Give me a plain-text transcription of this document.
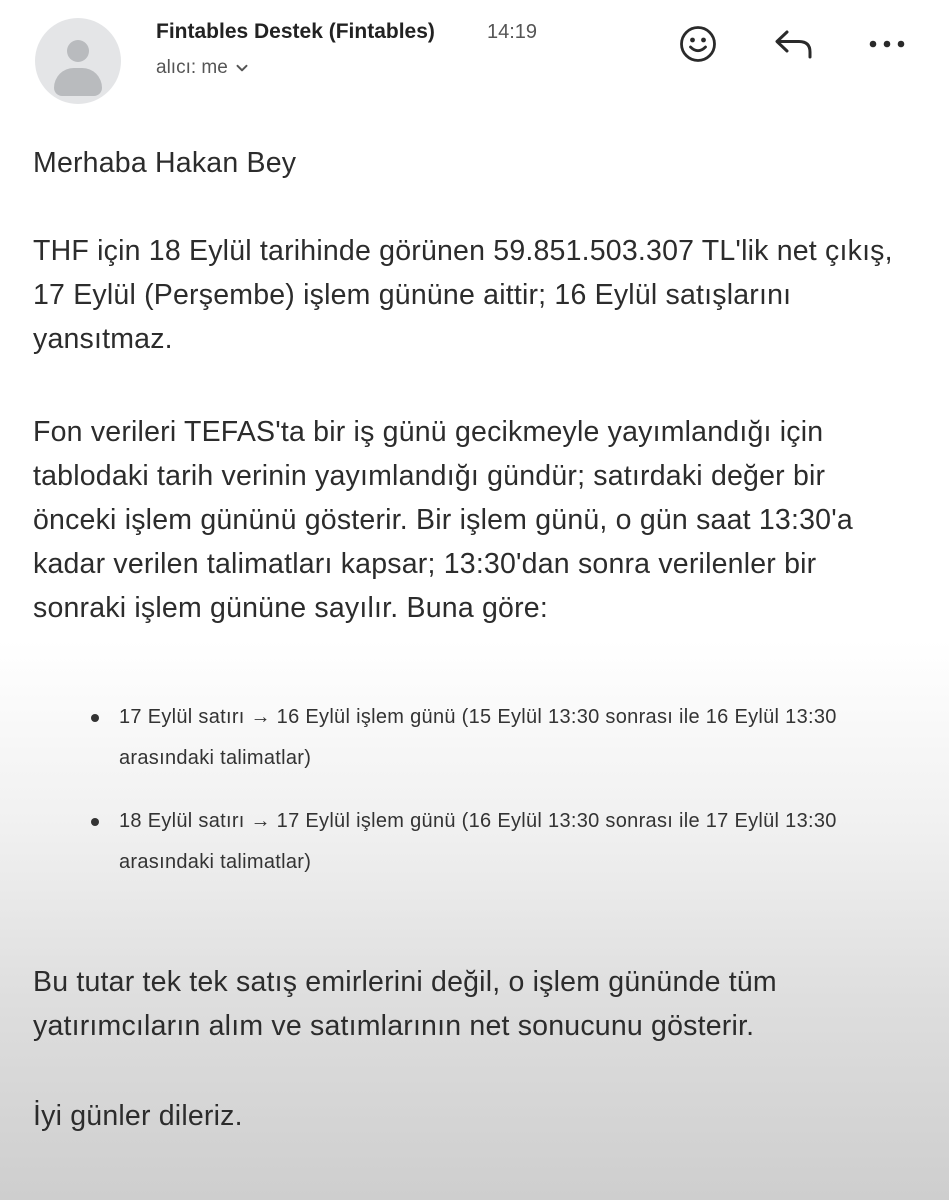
Fintables Destek (Fintables)	14:19
alıcı: me

Merhaba Hakan Bey

THF için 18 Eylül tarihinde görünen 59.851.503.307 TL'lik net çıkış, 17 Eylül (Perşembe) işlem gününe aittir; 16 Eylül satışlarını yansıtmaz.

Fon verileri TEFAS'ta bir iş günü gecikmeyle yayımlandığı için tablodaki tarih verinin yayımlandığı gündür; satırdaki değer bir önceki işlem gününü gösterir. Bir işlem günü, o gün saat 13:30'a kadar verilen talimatları kapsar; 13:30'dan sonra verilenler bir sonraki işlem gününe sayılır. Buna göre:

17 Eylül satırı → 16 Eylül işlem günü (15 Eylül 13:30 sonrası ile 16 Eylül 13:30 arasındaki talimatlar)
18 Eylül satırı → 17 Eylül işlem günü (16 Eylül 13:30 sonrası ile 17 Eylül 13:30 arasındaki talimatlar)

Bu tutar tek tek satış emirlerini değil, o işlem gününde tüm yatırımcıların alım ve satımlarının net sonucunu gösterir.

İyi günler dileriz.
